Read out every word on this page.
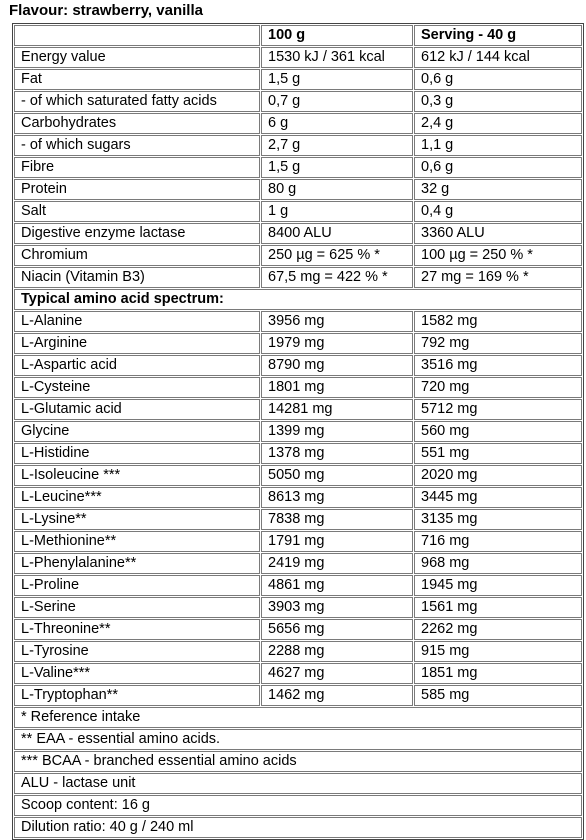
Flavour: strawberry, vanilla
	100 g	Serving - 40 g
Energy value	1530 kJ / 361 kcal	612 kJ / 144 kcal
Fat	1,5 g	0,6 g
- of which saturated fatty acids	0,7 g	0,3 g
Carbohydrates	6 g	2,4 g
- of which sugars	2,7 g	1,1 g
Fibre	1,5 g	0,6 g
Protein	80 g	32 g
Salt	1 g	0,4 g
Digestive enzyme lactase	8400 ALU	3360 ALU
Chromium	250 µg = 625 % *	100 µg = 250 % *
Niacin (Vitamin B3)	67,5 mg = 422 % *	27 mg = 169 % *
Typical amino acid spectrum:		
L-Alanine	3956 mg	1582 mg
L-Arginine	1979 mg	792 mg
L-Aspartic acid	8790 mg	3516 mg
L-Cysteine	1801 mg	720 mg
L-Glutamic acid	14281 mg	5712 mg
Glycine	1399 mg	560 mg
L-Histidine	1378 mg	551 mg
L-Isoleucine ***	5050 mg	2020 mg
L-Leucine***	8613 mg	3445 mg
L-Lysine**	7838 mg	3135 mg
L-Methionine**	1791 mg	716 mg
L-Phenylalanine**	2419 mg	968 mg
L-Proline	4861 mg	1945 mg
L-Serine	3903 mg	1561 mg
L-Threonine**	5656 mg	2262 mg
L-Tyrosine	2288 mg	915 mg
L-Valine***	4627 mg	1851 mg
L-Tryptophan**	1462 mg	585 mg
* Reference intake		
** EAA - essential amino acids.		
*** BCAA - branched essential amino acids		
ALU - lactase unit		
Scoop content: 16 g		
Dilution ratio: 40 g / 240 ml		
